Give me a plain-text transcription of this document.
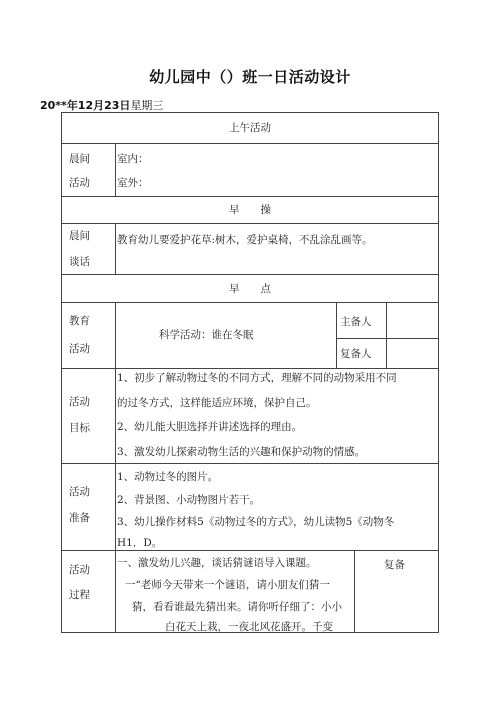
幼儿园中（）班一日活动设计
20**年12月23日星期三
上午活动
晨间
活动
室内：
室外：
早　　操
晨间
谈话
教育幼儿要爱护花草:树木，爱护桌椅，不乱涂乱画等。
早　　点
教育
活动
科学活动：谁在冬眠
主备人
复备人
活动
目标
1、初步了解动物过冬的不同方式，理解不同的动物采用不同
的过冬方式，这样能适应环境，保护自己。
2、幼儿能大胆选择并讲述选择的理由。
3、激发幼儿探索动物生活的兴趣和保护动物的情感。
活动
准备
1、动物过冬的图片。
2、背景图、小动物图片若干。
3、幼儿操作材料5《动物过冬的方式》，幼儿读物5《动物冬
H1．D。
活动
过程
复备
一、激发幼儿兴趣，谈话猜谜语导入课题。
一“老师今天带来一个谜语，请小朋友们猜一
猜，看看谁最先猜出来。请你听仔细了：小小
白花天上栽，一夜北风花盛开。千变
